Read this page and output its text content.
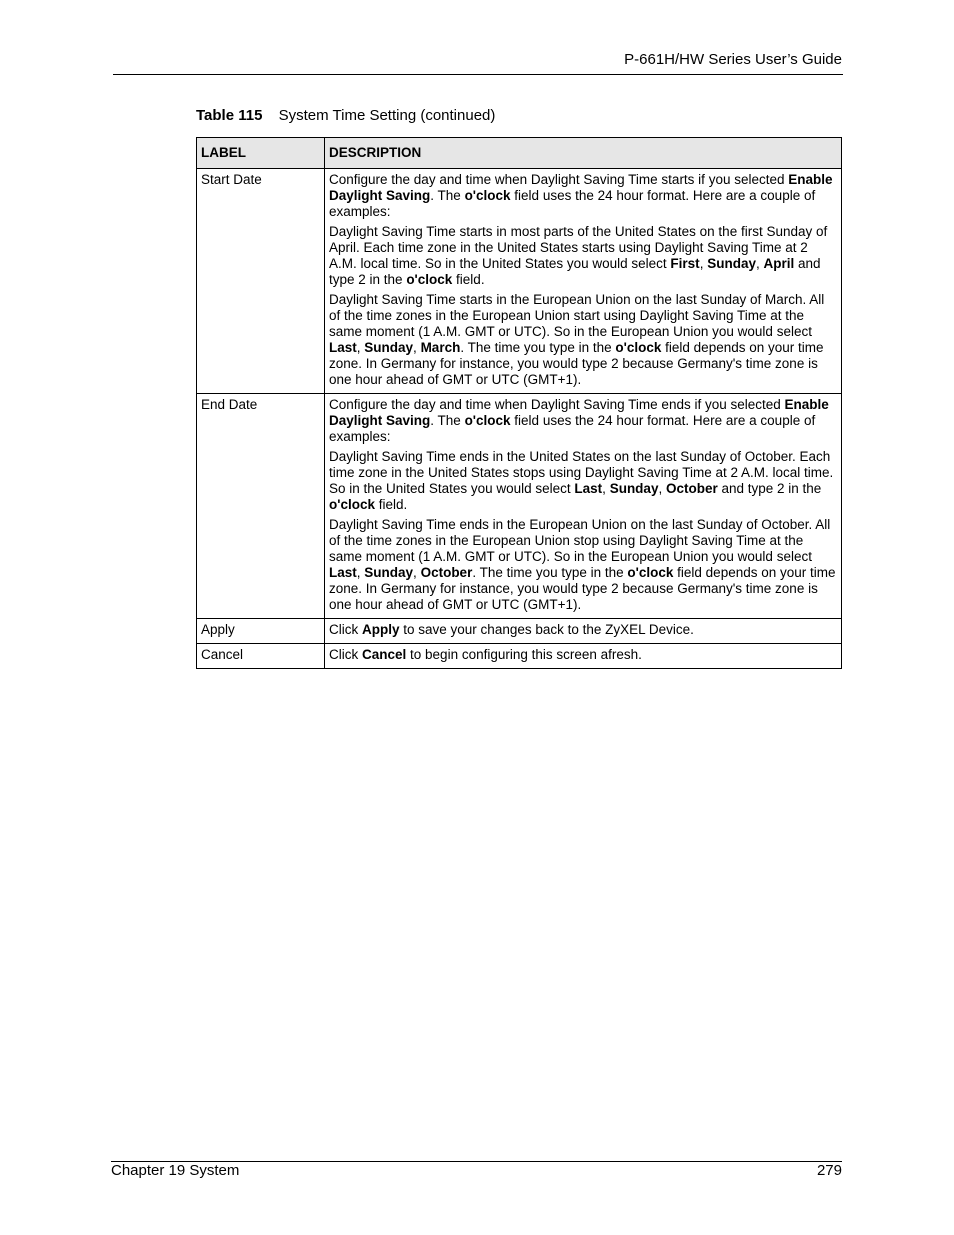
P-661H/HW Series User’s Guide
Table 115 System Time Setting (continued)
LABEL	DESCRIPTION
Start Date	Configure the day and time when Daylight Saving Time starts if you selected Enable Daylight Saving. The o'clock field uses the 24 hour format. Here are a couple of examples:
Daylight Saving Time starts in most parts of the United States on the first Sunday of April. Each time zone in the United States starts using Daylight Saving Time at 2 A.M. local time. So in the United States you would select First, Sunday, April and type 2 in the o'clock field.
Daylight Saving Time starts in the European Union on the last Sunday of March. All of the time zones in the European Union start using Daylight Saving Time at the same moment (1 A.M. GMT or UTC). So in the European Union you would select Last, Sunday, March. The time you type in the o'clock field depends on your time zone. In Germany for instance, you would type 2 because Germany's time zone is one hour ahead of GMT or UTC (GMT+1).

End Date	Configure the day and time when Daylight Saving Time ends if you selected Enable Daylight Saving. The o'clock field uses the 24 hour format. Here are a couple of examples:
Daylight Saving Time ends in the United States on the last Sunday of October. Each time zone in the United States stops using Daylight Saving Time at 2 A.M. local time. So in the United States you would select Last, Sunday, October and type 2 in the o'clock field.
Daylight Saving Time ends in the European Union on the last Sunday of October. All of the time zones in the European Union stop using Daylight Saving Time at the same moment (1 A.M. GMT or UTC). So in the European Union you would select Last, Sunday, October. The time you type in the o'clock field depends on your time zone. In Germany for instance, you would type 2 because Germany's time zone is one hour ahead of GMT or UTC (GMT+1).

Apply	Click Apply to save your changes back to the ZyXEL Device.

Cancel	Click Cancel to begin configuring this screen afresh.
Chapter 19 System	279
